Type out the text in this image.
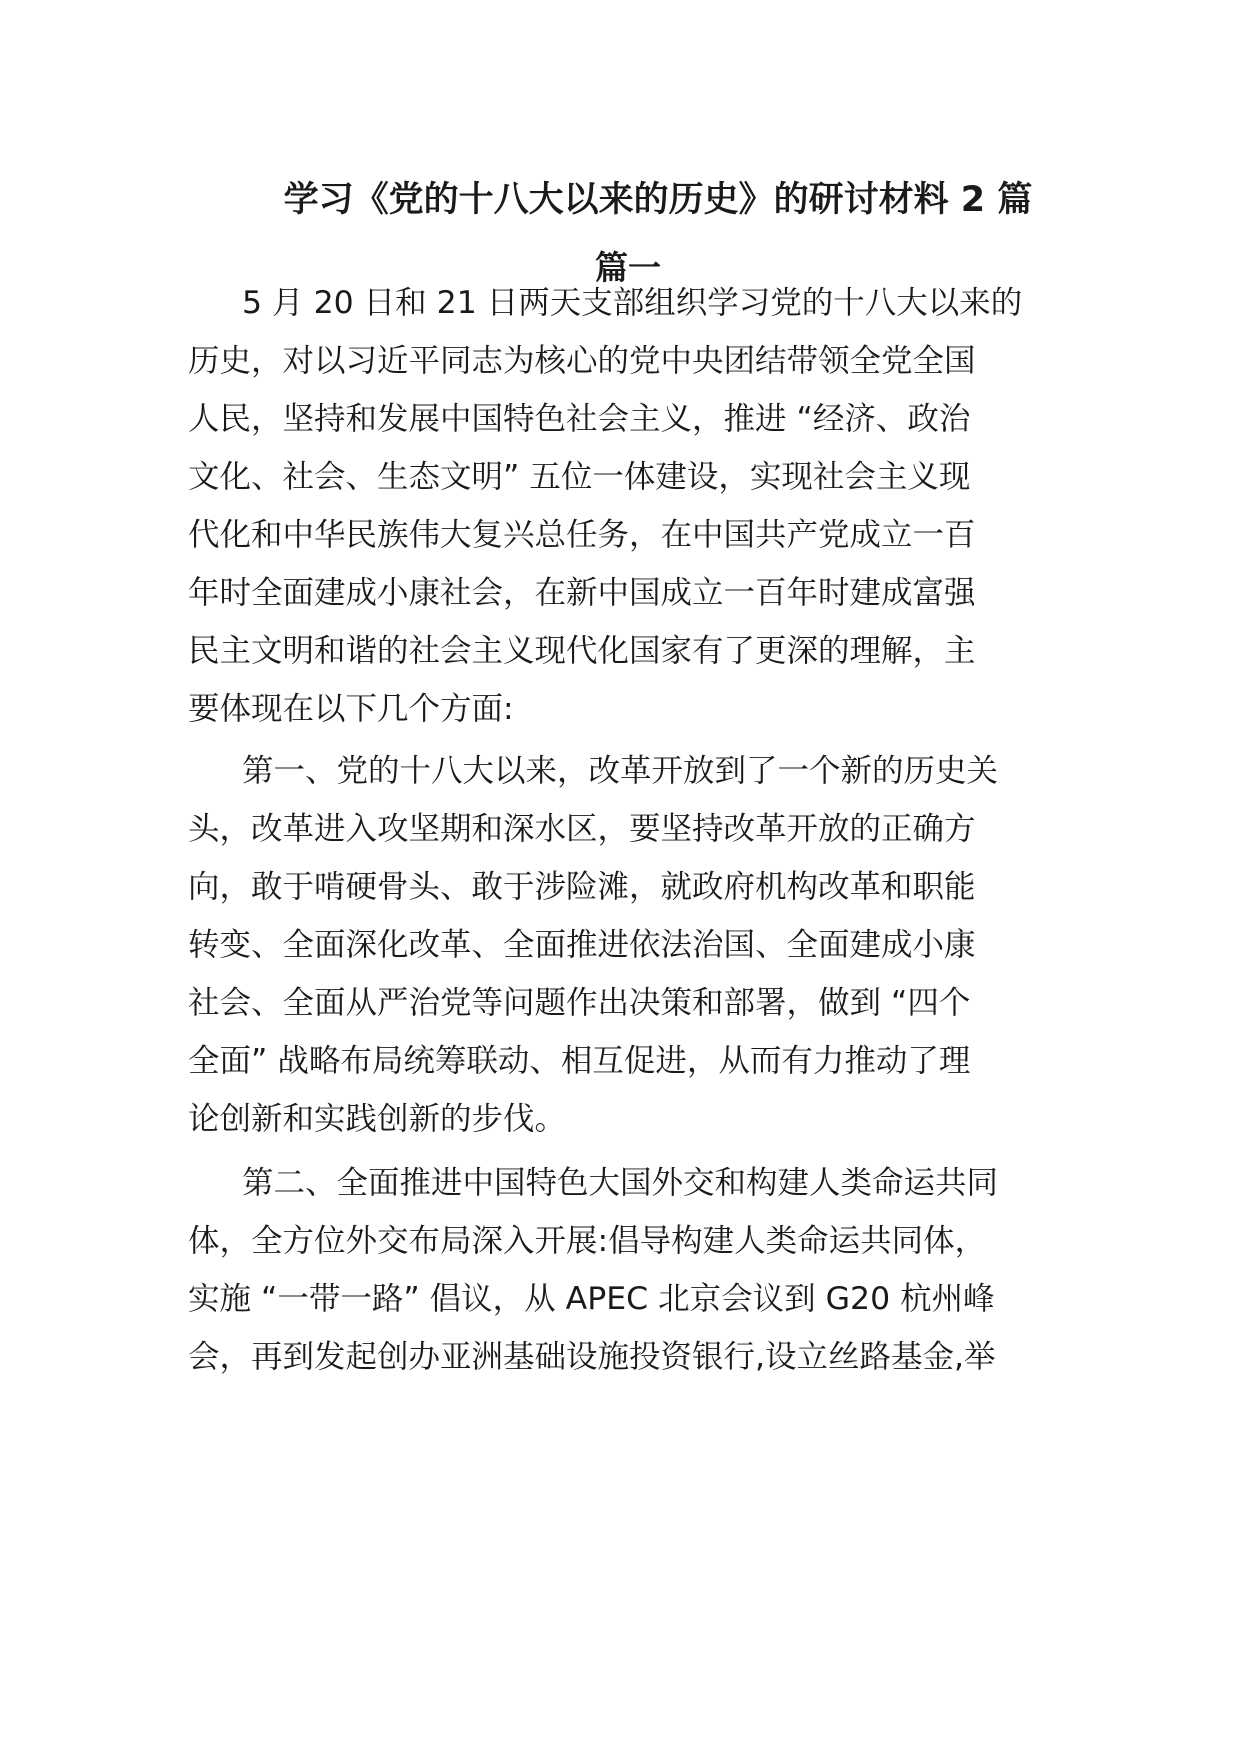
学习《党的十八大以来的历史》的研讨材料 2 篇
篇一

5 月 20 日和 21 日两天支部组织学习党的十八大以来的

历史，对以习近平同志为核心的党中央团结带领全党全国

人民，坚持和发展中国特色社会主义，推进 “经济、政治

文化、社会、生态文明” 五位一体建设，实现社会主义现

代化和中华民族伟大复兴总任务，在中国共产党成立一百

年时全面建成小康社会，在新中国成立一百年时建成富强

民主文明和谐的社会主义现代化国家有了更深的理解，主

要体现在以下几个方面:

第一、党的十八大以来，改革开放到了一个新的历史关

头，改革进入攻坚期和深水区，要坚持改革开放的正确方

向，敢于啃硬骨头、敢于涉险滩，就政府机构改革和职能

转变、全面深化改革、全面推进依法治国、全面建成小康

社会、全面从严治党等问题作出决策和部署，做到 “四个

全面” 战略布局统筹联动、相互促进，从而有力推动了理

论创新和实践创新的步伐。

第二、全面推进中国特色大国外交和构建人类命运共同

体，全方位外交布局深入开展:倡导构建人类命运共同体，

实施 “一带一路” 倡议，从 APEC 北京会议到 G20 杭州峰

会，再到发起创办亚洲基础设施投资银行,设立丝路基金,举
